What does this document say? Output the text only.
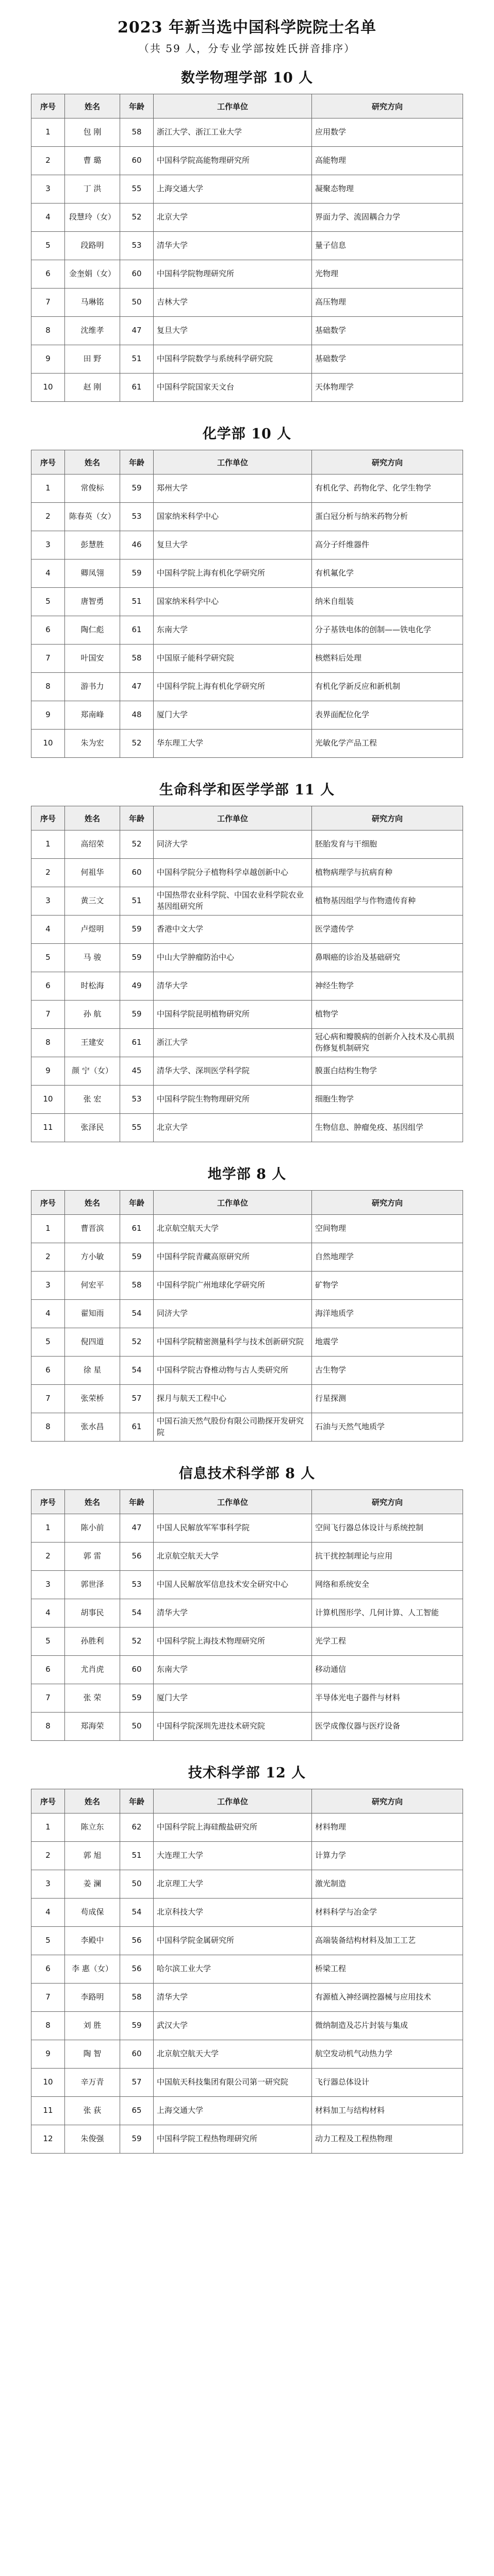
2023 年新当选中国科学院院士名单
（共 59 人，分专业学部按姓氏拼音排序）
数学物理学部 10 人
序号	姓名	年龄	工作单位	研究方向
1	包 刚	58	浙江大学、浙江工业大学	应用数学
2	曹 璐	60	中国科学院高能物理研究所	高能物理
3	丁 洪	55	上海交通大学	凝聚态物理
4	段慧玲（女）	52	北京大学	界面力学、流固耦合力学
5	段路明	53	清华大学	量子信息
6	金奎娟（女）	60	中国科学院物理研究所	光物理
7	马琳铭	50	吉林大学	高压物理
8	沈维孝	47	复旦大学	基础数学
9	田 野	51	中国科学院数学与系统科学研究院	基础数学
10	赵 刚	61	中国科学院国家天文台	天体物理学
化学部 10 人
序号	姓名	年龄	工作单位	研究方向
1	常俊标	59	郑州大学	有机化学、药物化学、化学生物学
2	陈春英（女）	53	国家纳米科学中心	蛋白冠分析与纳米药物分析
3	彭慧胜	46	复旦大学	高分子纤维器件
4	卿凤翎	59	中国科学院上海有机化学研究所	有机氟化学
5	唐智勇	51	国家纳米科学中心	纳米自组装
6	陶仁彪	61	东南大学	分子基铁电体的创制——铁电化学
7	叶国安	58	中国原子能科学研究院	核燃料后处理
8	游书力	47	中国科学院上海有机化学研究所	有机化学新反应和新机制
9	郑南峰	48	厦门大学	表界面配位化学
10	朱为宏	52	华东理工大学	光敏化学产品工程
生命科学和医学学部 11 人
序号	姓名	年龄	工作单位	研究方向
1	高绍荣	52	同济大学	胚胎发育与干细胞
2	何祖华	60	中国科学院分子植物科学卓越创新中心	植物病理学与抗病育种
3	黄三文	51	中国热带农业科学院、中国农业科学院农业基因组研究所	植物基因组学与作物遗传育种
4	卢煜明	59	香港中文大学	医学遗传学
5	马 骏	59	中山大学肿瘤防治中心	鼻咽癌的诊治及基础研究
6	时松海	49	清华大学	神经生物学
7	孙 航	59	中国科学院昆明植物研究所	植物学
8	王建安	61	浙江大学	冠心病和瓣膜病的创新介入技术及心肌损伤修复机制研究
9	颜 宁（女）	45	清华大学、深圳医学科学院	膜蛋白结构生物学
10	张 宏	53	中国科学院生物物理研究所	细胞生物学
11	张泽民	55	北京大学	生物信息、肿瘤免疫、基因组学
地学部 8 人
序号	姓名	年龄	工作单位	研究方向
1	曹晋滨	61	北京航空航天大学	空间物理
2	方小敏	59	中国科学院青藏高原研究所	自然地理学
3	何宏平	58	中国科学院广州地球化学研究所	矿物学
4	翟知雨	54	同济大学	海洋地质学
5	倪四道	52	中国科学院精密测量科学与技术创新研究院	地震学
6	徐 星	54	中国科学院古脊椎动物与古人类研究所	古生物学
7	张荣桥	57	探月与航天工程中心	行星探测
8	张水昌	61	中国石油天然气股份有限公司勘探开发研究院	石油与天然气地质学
信息技术科学部 8 人
序号	姓名	年龄	工作单位	研究方向
1	陈小前	47	中国人民解放军军事科学院	空间飞行器总体设计与系统控制
2	郭 雷	56	北京航空航天大学	抗干扰控制理论与应用
3	郭世泽	53	中国人民解放军信息技术安全研究中心	网络和系统安全
4	胡事民	54	清华大学	计算机图形学、几何计算、人工智能
5	孙胜利	52	中国科学院上海技术物理研究所	光学工程
6	尤肖虎	60	东南大学	移动通信
7	张 荣	59	厦门大学	半导体光电子器件与材料
8	郑海荣	50	中国科学院深圳先进技术研究院	医学成像仪器与医疗设备
技术科学部 12 人
序号	姓名	年龄	工作单位	研究方向
1	陈立东	62	中国科学院上海硅酸盐研究所	材料物理
2	郭 旭	51	大连理工大学	计算力学
3	姜 澜	50	北京理工大学	激光制造
4	苟成保	54	北京科技大学	材料科学与冶金学
5	李殿中	56	中国科学院金属研究所	高端装备结构材料及加工工艺
6	李 惠（女）	56	哈尔滨工业大学	桥梁工程
7	李路明	58	清华大学	有源植入神经调控器械与应用技术
8	刘 胜	59	武汉大学	微纳制造及芯片封装与集成
9	陶 智	60	北京航空航天大学	航空发动机气动热力学
10	辛万青	57	中国航天科技集团有限公司第一研究院	飞行器总体设计
11	张 荻	65	上海交通大学	材料加工与结构材料
12	朱俊强	59	中国科学院工程热物理研究所	动力工程及工程热物理
